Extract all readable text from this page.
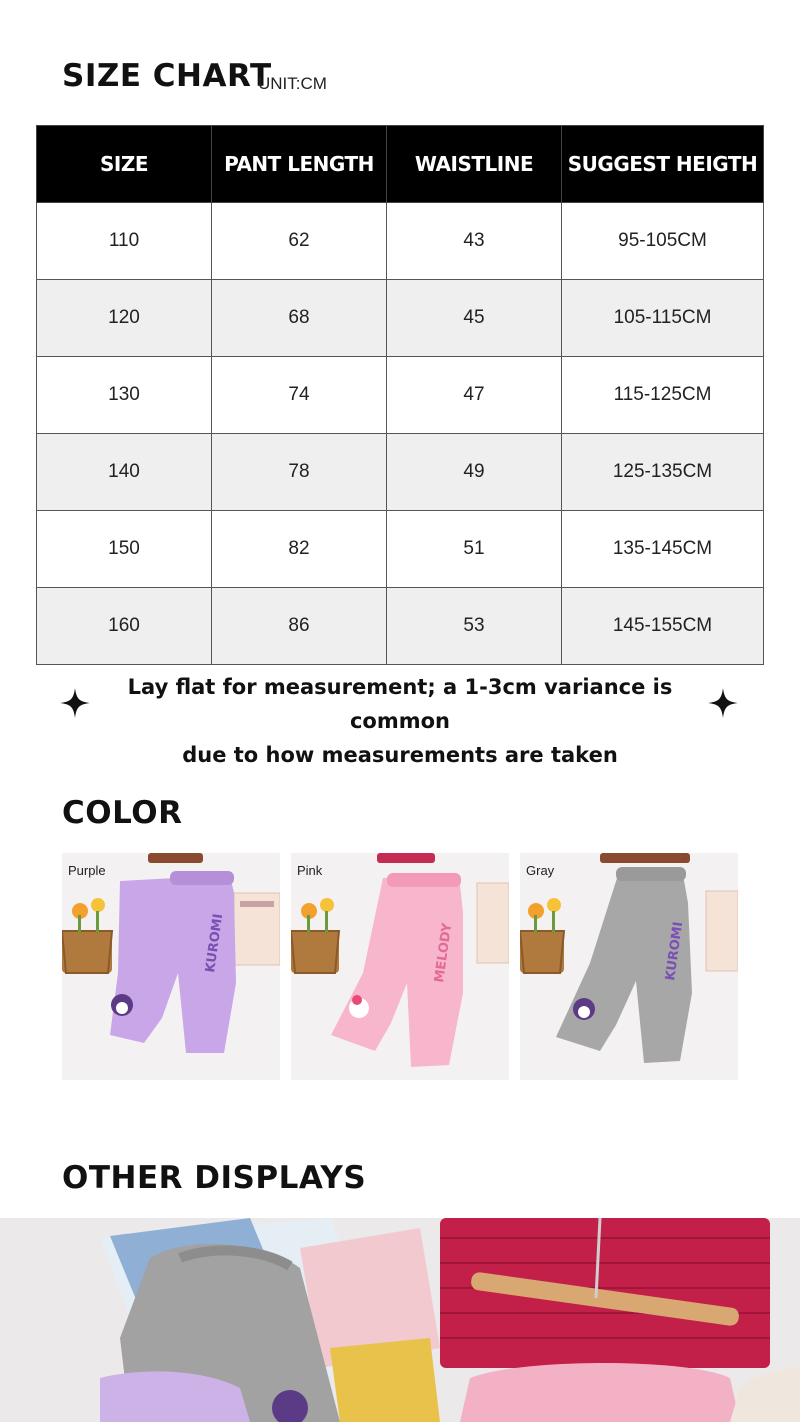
SIZE CHART
UNIT:CM
SIZE	PANT LENGTH	WAISTLINE	SUGGEST HEIGTH
110	62	43	95-105CM
120	68	45	105-115CM
130	74	47	115-125CM
140	78	49	125-135CM
150	82	51	135-145CM
160	86	53	145-155CM
Lay flat for measurement; a 1-3cm variance is common
due to how measurements are taken
COLOR
KUROMI
Purple
MELODY
Pink
KUROMI
Gray
OTHER DISPLAYS
